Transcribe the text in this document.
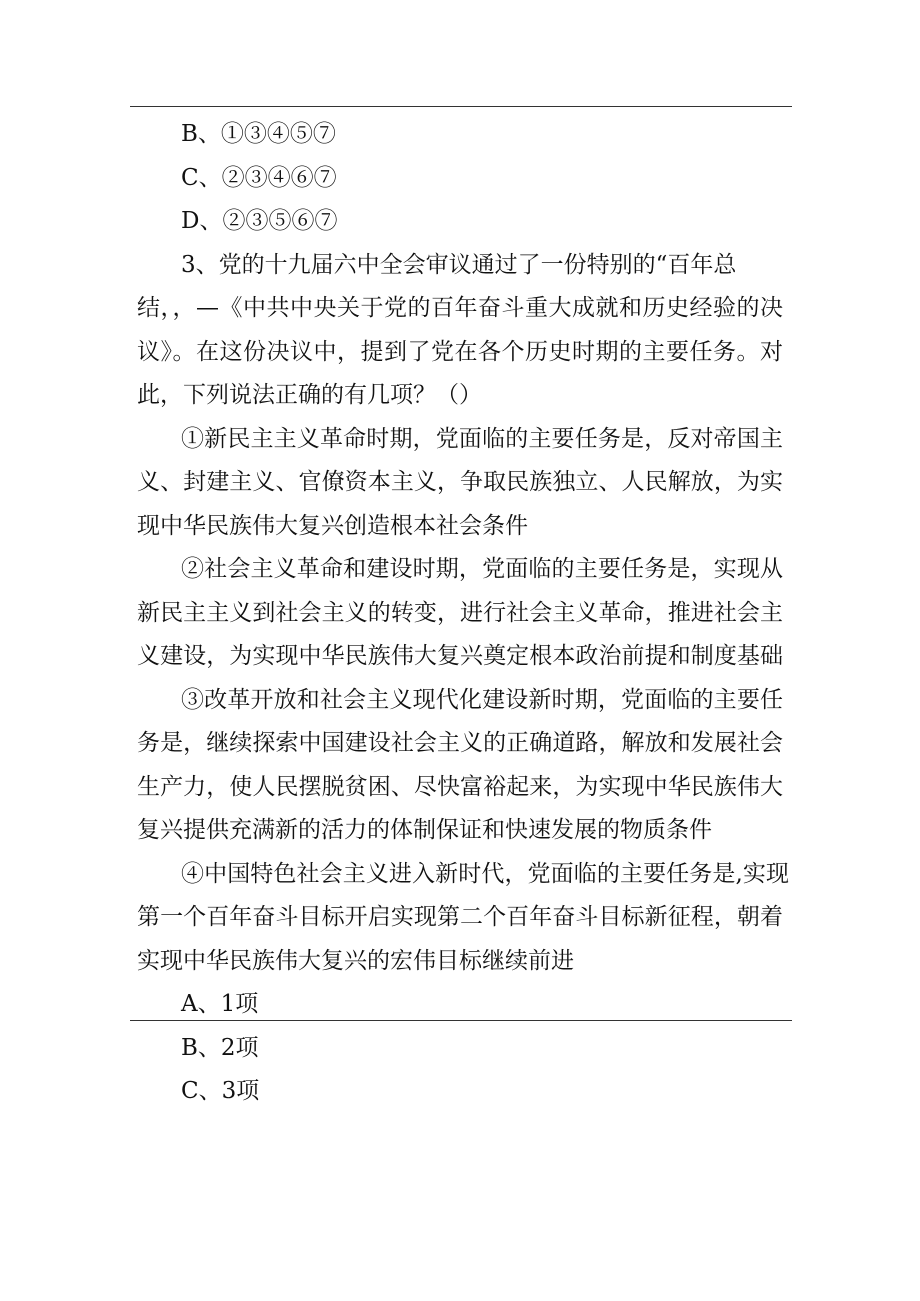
B、①③④⑤⑦
C、②③④⑥⑦
D、②③⑤⑥⑦
3、党的十九届六中全会审议通过了一份特别的“百年总
结，，—《中共中央关于党的百年奋斗重大成就和历史经验的决
议》。在这份决议中，提到了党在各个历史时期的主要任务。对
此，下列说法正确的有几项？（）
①新民主主义革命时期，党面临的主要任务是，反对帝国主
义、封建主义、官僚资本主义，争取民族独立、人民解放，为实
现中华民族伟大复兴创造根本社会条件
②社会主义革命和建设时期，党面临的主要任务是，实现从
新民主主义到社会主义的转变，进行社会主义革命，推进社会主
义建设，为实现中华民族伟大复兴奠定根本政治前提和制度基础
③改革开放和社会主义现代化建设新时期，党面临的主要任
务是，继续探索中国建设社会主义的正确道路，解放和发展社会
生产力，使人民摆脱贫困、尽快富裕起来，为实现中华民族伟大
复兴提供充满新的活力的体制保证和快速发展的物质条件
④中国特色社会主义进入新时代，党面临的主要任务是,实现
第一个百年奋斗目标开启实现第二个百年奋斗目标新征程，朝着
实现中华民族伟大复兴的宏伟目标继续前进
A、1项
B、2项
C、3项
